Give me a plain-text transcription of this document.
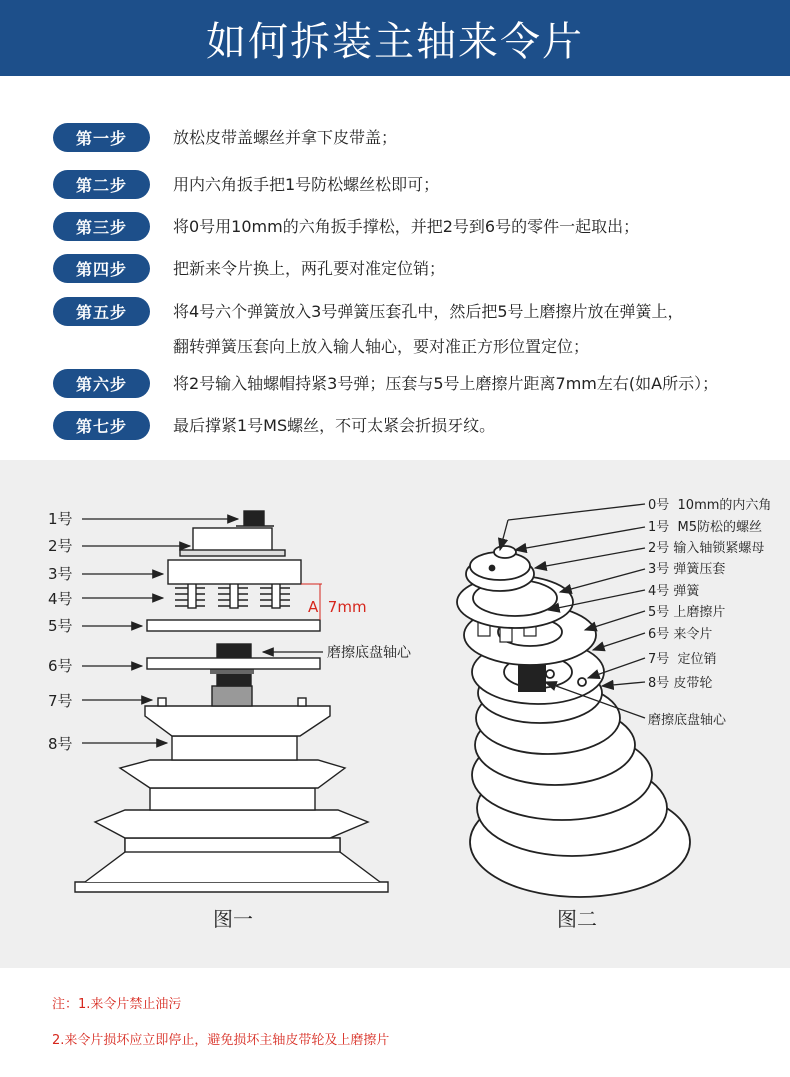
如何拆装主轴来令片
第一步	放松皮带盖螺丝并拿下皮带盖；
第二步	用内六角扳手把1号防松螺丝松即可；
第三步	将0号用10mm的六角扳手撑松，并把2号到6号的零件一起取出；
第四步	把新来令片换上，两孔要对准定位销；
第五步	将4号六个弹簧放入3号弹簧压套孔中，然后把5号上磨擦片放在弹簧上，
翻转弹簧压套向上放入输人轴心，要对准正方形位置定位；
第六步	将2号输入轴螺帽持紧3号弹；压套与5号上磨擦片距离7mm左右(如A所示）；
第七步	最后撑紧1号MS螺丝，不可太紧会折损牙纹。
1号
2号
3号
4号
5号
6号
7号
8号
A  7mm
磨擦底盘轴心
图一
0号  10mm的内六角
1号  M5防松的螺丝
2号 输入轴锁紧螺母
3号 弹簧压套
4号 弹簧
5号 上磨擦片
6号 来令片
7号  定位销
8号 皮带轮
磨擦底盘轴心
图二
注：1.来令片禁止油污
2.来令片损坏应立即停止，避免损坏主轴皮带轮及上磨擦片
